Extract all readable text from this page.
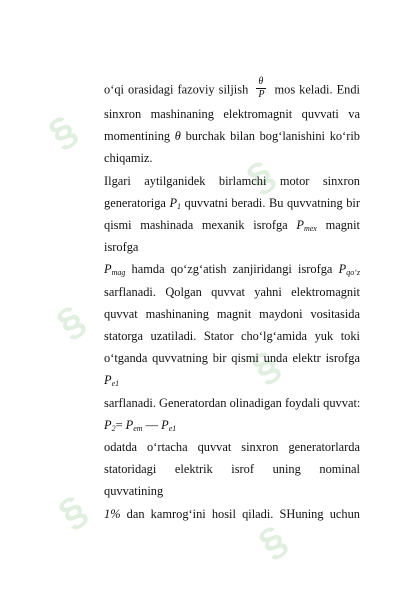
§
§
§
§
§
§
o‘qi orasidagi fazoviy siljish $\frac{\theta}{P}$ mos keladi. Endi
sinxron mashinaning elektromagnit quvvati va
momentining θ burchak bilan bog‘lanishini ko‘rib
chiqamiz.
Ilgari aytilganidek birlamchi motor sinxron
generatoriga $P_1$ quvvatni beradi. Bu quvvatning bir
qismi mashinada mexanik isrofga $P_{mex}$ magnit isrofga
$P_{mag}$ hamda qo‘zg‘atish zanjiridangi isrofga $P_{qo‘z}$
sarflanadi. Qolgan quvvat yahni elektromagnit
quvvat mashinaning magnit maydoni vositasida
statorga uzatiladi. Stator cho‘lg‘amida yuk toki
o‘tganda quvvatning bir qismi unda elektr isrofga $P_{e1}$
sarflanadi. Generatordan olinadigan foydali quvvat:
$P_2= P_{em}$ — $P_{e1}$
odatda o‘rtacha quvvat sinxron generatorlarda
statoridagi elektrik isrof uning nominal quvvatining
1% dan kamrog‘ini hosil qiladi. SHuning uchun
